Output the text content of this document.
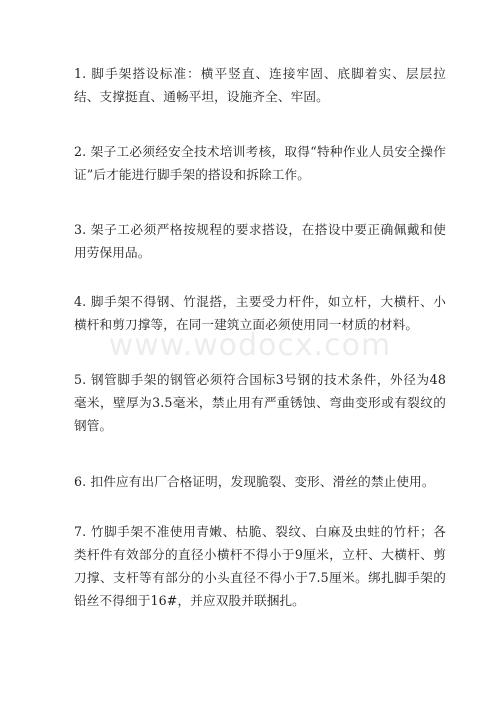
1. 脚手架搭设标准：横平竖直、连接牢固、底脚着实、层层拉结、支撑挺直、通畅平坦，设施齐全、牢固。

2. 架子工必须经安全技术培训考核，取得“特种作业人员安全操作证”后才能进行脚手架的搭设和拆除工作。

3. 架子工必须严格按规程的要求搭设，在搭设中要正确佩戴和使用劳保用品。

4. 脚手架不得钢、竹混搭，主要受力杆件，如立杆，大横杆、小横杆和剪刀撑等，在同一建筑立面必须使用同一材质的材料。

5. 钢管脚手架的钢管必须符合国标3号钢的技术条件，外径为48毫米，壁厚为3.5毫米，禁止用有严重锈蚀、弯曲变形或有裂纹的钢管。

6. 扣件应有出厂合格证明，发现脆裂、变形、滑丝的禁止使用。

7. 竹脚手架不准使用青嫩、枯脆、裂纹、白麻及虫蛀的竹杆；各类杆件有效部分的直径小横杆不得小于9厘米，立杆、大横杆、剪刀撑、支杆等有部分的小头直径不得小于7.5厘米。绑扎脚手架的铅丝不得细于16#，并应双股并联捆扎。

www.wodocx.com
